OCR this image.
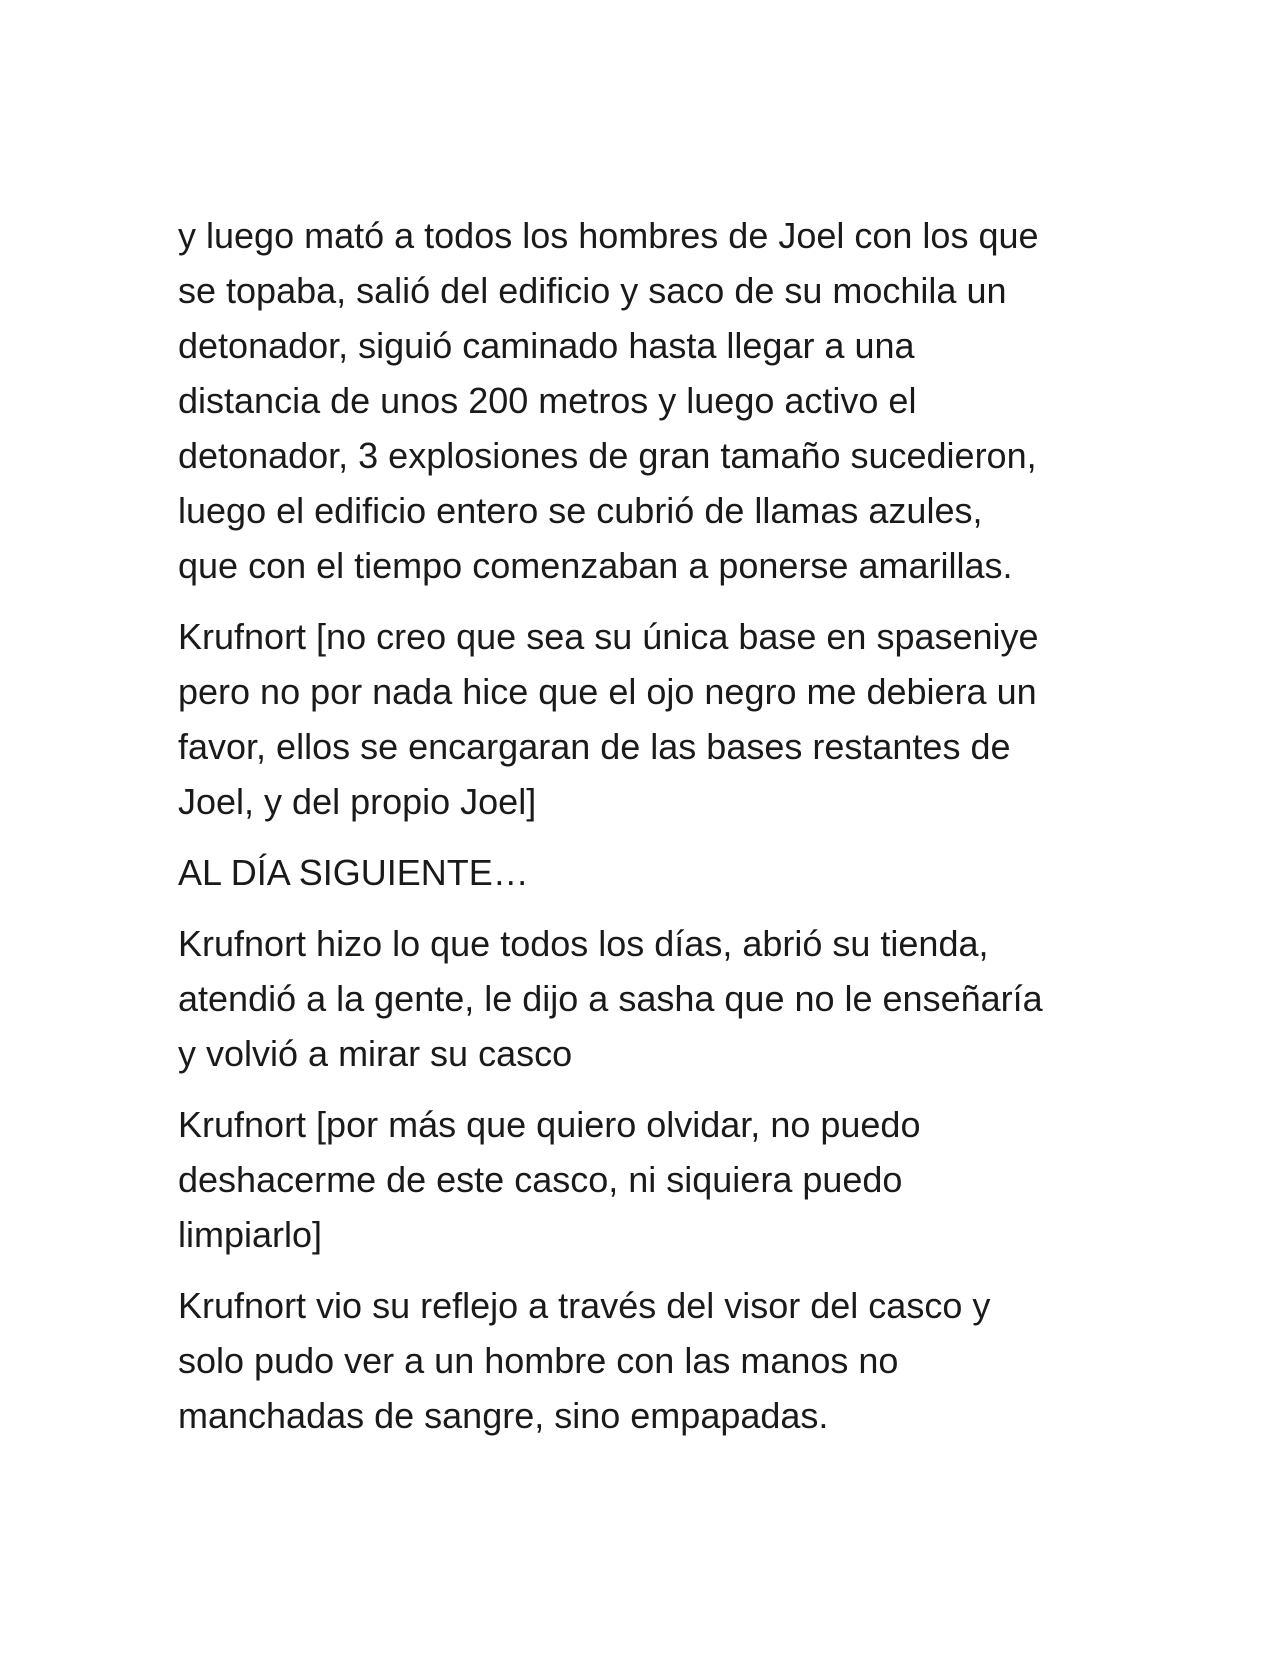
y luego mató a todos los hombres de Joel con los que
se topaba, salió del edificio y saco de su mochila un
detonador, siguió caminado hasta llegar a una
distancia de unos 200 metros y luego activo el
detonador, 3 explosiones de gran tamaño sucedieron,
luego el edificio entero se cubrió de llamas azules,
que con el tiempo comenzaban a ponerse amarillas.

Krufnort [no creo que sea su única base en spaseniye
pero no por nada hice que el ojo negro me debiera un
favor, ellos se encargaran de las bases restantes de
Joel, y del propio Joel]

AL DÍA SIGUIENTE…

Krufnort hizo lo que todos los días, abrió su tienda,
atendió a la gente, le dijo a sasha que no le enseñaría
y volvió a mirar su casco

Krufnort [por más que quiero olvidar, no puedo
deshacerme de este casco, ni siquiera puedo
limpiarlo]

Krufnort vio su reflejo a través del visor del casco y
solo pudo ver a un hombre con las manos no
manchadas de sangre, sino empapadas.
